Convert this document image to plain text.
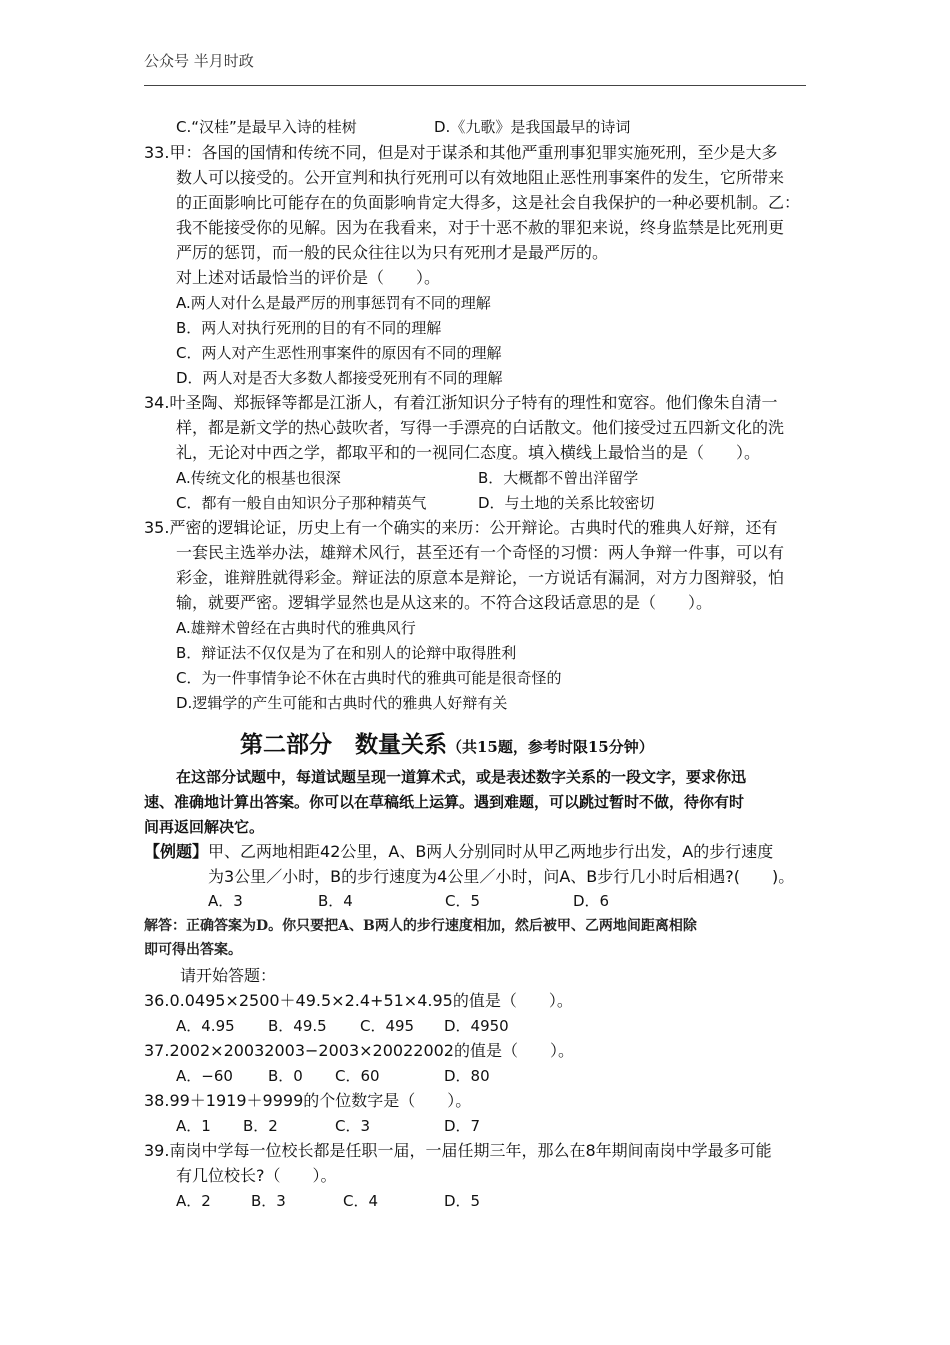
公众号 半月时政
C.“汉桂”是最早入诗的桂树	D.《九歌》是我国最早的诗词
33.甲：各国的国情和传统不同，但是对于谋杀和其他严重刑事犯罪实施死刑，至少是大多
数人可以接受的。公开宣判和执行死刑可以有效地阻止恶性刑事案件的发生，它所带来
的正面影响比可能存在的负面影响肯定大得多，这是社会自我保护的一种必要机制。乙：
我不能接受你的见解。因为在我看来，对于十恶不赦的罪犯来说，终身监禁是比死刑更
严厉的惩罚，而一般的民众往往以为只有死刑才是最严厉的。
对上述对话最恰当的评价是（　　）。
A.两人对什么是最严厉的刑事惩罚有不同的理解
B．两人对执行死刑的目的有不同的理解
C．两人对产生恶性刑事案件的原因有不同的理解
D．两人对是否大多数人都接受死刑有不同的理解
34.叶圣陶、郑振铎等都是江浙人，有着江浙知识分子特有的理性和宽容。他们像朱自清一
样，都是新文学的热心鼓吹者，写得一手漂亮的白话散文。他们接受过五四新文化的洗
礼，无论对中西之学，都取平和的一视同仁态度。填入横线上最恰当的是（　　）。
A.传统文化的根基也很深	B．大概都不曾出洋留学
C．都有一般自由知识分子那种精英气	D．与土地的关系比较密切
35.严密的逻辑论证，历史上有一个确实的来历：公开辩论。古典时代的雅典人好辩，还有
一套民主选举办法，雄辩术风行，甚至还有一个奇怪的习惯：两人争辩一件事，可以有
彩金，谁辩胜就得彩金。辩证法的原意本是辩论，一方说话有漏洞，对方力图辩驳，怕
输，就要严密。逻辑学显然也是从这来的。不符合这段话意思的是（　　）。
A.雄辩术曾经在古典时代的雅典风行
B．辩证法不仅仅是为了在和别人的论辩中取得胜利
C．为一件事情争论不休在古典时代的雅典可能是很奇怪的
D.逻辑学的产生可能和古典时代的雅典人好辩有关
第二部分　数量关系（共15题，参考时限15分钟）
在这部分试题中，每道试题呈现一道算术式，或是表述数字关系的一段文字，要求你迅
速、准确地计算出答案。你可以在草稿纸上运算。遇到难题，可以跳过暂时不做，待你有时
间再返回解决它。
【例题】甲、乙两地相距42公里，A、B两人分别同时从甲乙两地步行出发，A的步行速度
为3公里／小时，B的步行速度为4公里／小时，问A、B步行几小时后相遇?(　　)。
A．3	B．4	C．5	D．6
解答：正确答案为D。你只要把A、B两人的步行速度相加，然后被甲、乙两地间距离相除
即可得出答案。
请开始答题：
36.0.0495×2500＋49.5×2.4+51×4.95的值是（　　）。
A．4.95 B．49.5 C．495 D．4950
37.2002×20032003−2003×20022002的值是（　　）。
A．−60 B．0 C．60	D．80
38.99＋1919＋9999的个位数字是（　　）。
A．1 B．2	C．3	D．7
39.南岗中学每一位校长都是任职一届，一届任期三年，那么在8年期间南岗中学最多可能
有几位校长?（　　）。
A．2	B．3	C．4	D．5
